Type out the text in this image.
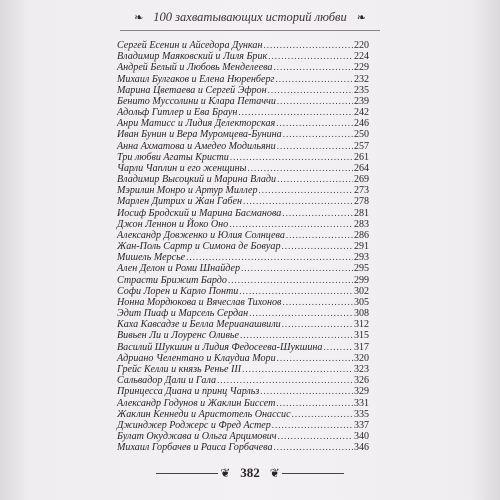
❧ 100 захватывающих историй любви ❧
Сергей Есенин и Айседора Дункан .....	220
Владимир Маяковский и Лиля Брик .....	224
Андрей Белый и Любовь Менделеева .....	229
Михаил Булгаков и Елена Нюренберг .....	232
Марина Цветаева и Сергей Эфрон .....	235
Бенито Муссолини и Клара Петаччи .....	239
Адольф Гитлер и Ева Браун .....	242
Анри Матисс и Лидия Делекторская .....	246
Иван Бунин и Вера Муромцева-Бунина .....	250
Анна Ахматова и Амедео Модильяни .....	257
Три любви Агаты Кристи .....	261
Чарли Чаплин и его женщины .....	264
Владимир Высоцкий и Марина Влади .....	269
Мэрилин Монро и Артур Миллер .....	273
Марлен Дитрих и Жан Габен .....	278
Иосиф Бродский и Марина Басманова .....	281
Джон Леннон и Йоко Оно .....	283
Александр Довженко и Юлия Солнцева .....	286
Жан-Поль Сартр и Симона де Бовуар .....	291
Мишель Мерсье .....	293
Ален Делон и Роми Шнайдер .....	295
Страсти Брижит Бардо .....	299
Софи Лорен и Карло Понти .....	302
Нонна Мордюкова и Вячеслав Тихонов .....	305
Эдит Пиаф и Марсель Сердан .....	308
Каха Кавсадзе и Белла Мерианашвили .....	312
Вивьен Ли и Лоуренс Оливье .....	315
Василий Шукшин и Лидия Федосеева-Шукшина .....	317
Адриано Челентано и Клаудиа Мори .....	320
Грейс Келли и князь Ренье III .....	323
Сальвадор Дали и Гала .....	326
Принцесса Диана и принц Чарльз .....	329
Александр Годунов и Жаклин Биссет .....	331
Жаклин Кеннеди и Аристотель Онассис .....	335
Джинджер Роджерс и Фред Астер .....	337
Булат Окуджава и Ольга Арцимович .....	340
Михаил Горбачев и Раиса Горбачева .....	346
❦ 382 ❦
